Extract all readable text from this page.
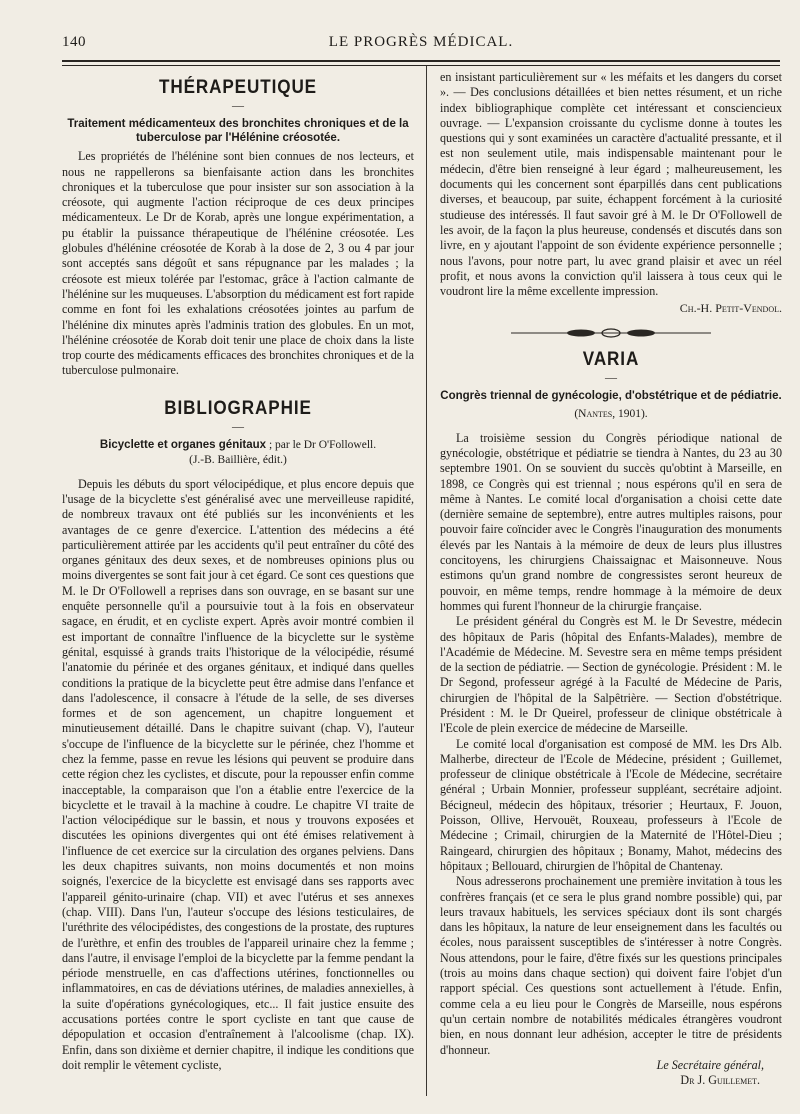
140	LE PROGRÈS MÉDICAL.
THÉRAPEUTIQUE
—
Traitement médicamenteux des bronchites chroniques et de la tuberculose par l'Hélénine créosotée.

Les propriétés de l'hélénine sont bien connues de nos lecteurs, et nous ne rappellerons sa bienfaisante action dans les bronchites chroniques et la tuberculose que pour insister sur son association à la créosote, qui augmente l'action réciproque de ces deux principes médicamenteux. Le Dr de Korab, après une longue expérimentation, a pu établir la puissance thérapeutique de l'hélénine créosotée. Les globules d'hélénine créosotée de Korab à la dose de 2, 3 ou 4 par jour sont acceptés sans dégoût et sans répugnance par les malades ; la créosote est mieux tolérée par l'estomac, grâce à l'action calmante de l'hélénine sur les muqueuses. L'absorption du médicament est fort rapide comme en font foi les exhalations créosotées jointes au parfum de l'hélénine dix minutes après l'adminis tration des globules. En un mot, l'hélénine créosotée de Korab doit tenir une place de choix dans la liste trop courte des médicaments efficaces des bronchites chroniques et de la tuberculose pulmonaire.

BIBLIOGRAPHIE
—
Bicyclette et organes génitaux ; par le Dr O'Followell.
(J.-B. Baillière, édit.)

Depuis les débuts du sport vélocipédique, et plus encore depuis que l'usage de la bicyclette s'est généralisé avec une merveilleuse rapidité, de nombreux travaux ont été publiés sur les inconvénients et les avantages de ce genre d'exercice. L'attention des médecins a été particulièrement attirée par les accidents qu'il peut entraîner du côté des organes génitaux des deux sexes, et de nombreuses opinions plus ou moins divergentes se sont fait jour à cet égard. Ce sont ces questions que M. le Dr O'Followell a reprises dans son ouvrage, en se basant sur une enquête personnelle qu'il a poursuivie tout à la fois en observateur sagace, en érudit, et en cycliste expert. Après avoir montré combien il est important de connaître l'influence de la bicyclette sur le système génital, esquissé à grands traits l'historique de la vélocipédie, résumé l'anatomie du périnée et des organes génitaux, et indiqué dans quelles conditions la pratique de la bicyclette peut être admise dans l'enfance et dans l'adolescence, il consacre à l'étude de la selle, de ses diverses formes et de son agencement, un chapitre longuement et minutieusement détaillé. Dans le chapitre suivant (chap. V), l'auteur s'occupe de l'influence de la bicyclette sur le périnée, chez l'homme et chez la femme, passe en revue les lésions qui peuvent se produire dans cette région chez les cyclistes, et discute, pour la repousser enfin comme inacceptable, la comparaison que l'on a établie entre l'exercice de la bicyclette et le travail à la machine à coudre. Le chapitre VI traite de l'action vélocipédique sur le bassin, et nous y trouvons exposées et discutées les opinions divergentes qui ont été émises relativement à l'influence de cet exercice sur la circulation des organes pelviens. Dans les deux chapitres suivants, non moins documentés et non moins soignés, l'exercice de la bicyclette est envisagé dans ses rapports avec l'appareil génito-urinaire (chap. VII) et avec l'utérus et ses annexes (chap. VIII). Dans l'un, l'auteur s'occupe des lésions testiculaires, de l'uréthrite des vélocipédistes, des congestions de la prostate, des ruptures de l'urèthre, et enfin des troubles de l'appareil urinaire chez la femme ; dans l'autre, il envisage l'emploi de la bicyclette par la femme pendant la période menstruelle, en cas d'affections utérines, fonctionnelles ou inflammatoires, en cas de déviations utérines, de maladies annexielles, à la suite d'opérations gynécologiques, etc... Il fait justice ensuite des accusations portées contre le sport cycliste en tant que cause de dépopulation et occasion d'entraînement à l'alcoolisme (chap. IX). Enfin, dans son dixième et dernier chapitre, il indique les conditions que doit remplir le vêtement cycliste,

en insistant particulièrement sur « les méfaits et les dangers du corset ». — Des conclusions détaillées et bien nettes résument, et un riche index bibliographique complète cet intéressant et consciencieux ouvrage. — L'expansion croissante du cyclisme donne à toutes les questions qui y sont examinées un caractère d'actualité pressante, et il est non seulement utile, mais indispensable maintenant pour le médecin, d'être bien renseigné à leur égard ; malheureusement, les documents qui les concernent sont éparpillés dans cent publications diverses, et beaucoup, par suite, échappent forcément à la curiosité studieuse des intéressés. Il faut savoir gré à M. le Dr O'Followell de les avoir, de la façon la plus heureuse, condensés et discutés dans son livre, en y ajoutant l'appoint de son évidente expérience personnelle ; nous l'avons, pour notre part, lu avec grand plaisir et avec un réel profit, et nous avons la conviction qu'il laissera à tous ceux qui le voudront lire la même excellente impression.

Ch.-H. Petit-Vendol.
VARIA
—
Congrès triennal de gynécologie, d'obstétrique et de pédiatrie.
(Nantes, 1901).

La troisième session du Congrès périodique national de gynécologie, obstétrique et pédiatrie se tiendra à Nantes, du 23 au 30 septembre 1901. On se souvient du succès qu'obtint à Marseille, en 1898, ce Congrès qui est triennal ; nous espérons qu'il en sera de même à Nantes. Le comité local d'organisation a choisi cette date (dernière semaine de septembre), entre autres multiples raisons, pour pouvoir faire coïncider avec le Congrès l'inauguration des monuments élevés par les Nantais à la mémoire de deux de leurs plus illustres concitoyens, les chirurgiens Chaissaignac et Maisonneuve. Nous estimons qu'un grand nombre de congressistes seront heureux de pouvoir, en même temps, rendre hommage à la mémoire de deux hommes qui furent l'honneur de la chirurgie française.

Le président général du Congrès est M. le Dr Sevestre, médecin des hôpitaux de Paris (hôpital des Enfants-Malades), membre de l'Académie de Médecine. M. Sevestre sera en même temps président de la section de pédiatrie. — Section de gynécologie. Président : M. le Dr Segond, professeur agrégé à la Faculté de Médecine de Paris, chirurgien de l'hôpital de la Salpêtrière. — Section d'obstétrique. Président : M. le Dr Queirel, professeur de clinique obstétricale à l'Ecole de plein exercice de médecine de Marseille.

Le comité local d'organisation est composé de MM. les Drs Alb. Malherbe, directeur de l'Ecole de Médecine, président ; Guillemet, professeur de clinique obstétricale à l'Ecole de Médecine, secrétaire général ; Urbain Monnier, professeur suppléant, secrétaire adjoint. Bécigneul, médecin des hôpitaux, trésorier ; Heurtaux, F. Jouon, Poisson, Ollive, Hervouët, Rouxeau, professeurs à l'Ecole de Médecine ; Crimail, chirurgien de la Maternité de l'Hôtel-Dieu ; Raingeard, chirurgien des hôpitaux ; Bonamy, Mahot, médecins des hôpitaux ; Bellouard, chirurgien de l'hôpital de Chantenay.

Nous adresserons prochainement une première invitation à tous les confrères français (et ce sera le plus grand nombre possible) qui, par leurs travaux habituels, les services spéciaux dont ils sont chargés dans les hôpitaux, la nature de leur enseignement dans les facultés ou écoles, nous paraissent susceptibles de s'intéresser à notre Congrès. Nous attendons, pour le faire, d'être fixés sur les questions principales (trois au moins dans chaque section) qui doivent faire l'objet d'un rapport spécial. Ces questions sont actuellement à l'étude. Enfin, comme cela a eu lieu pour le Congrès de Marseille, nous espérons qu'un certain nombre de notabilités médicales étrangères voudront bien, en nous donnant leur adhésion, accepter le titre de présidents d'honneur.

Le Secrétaire général,
Dr J. Guillemet.
